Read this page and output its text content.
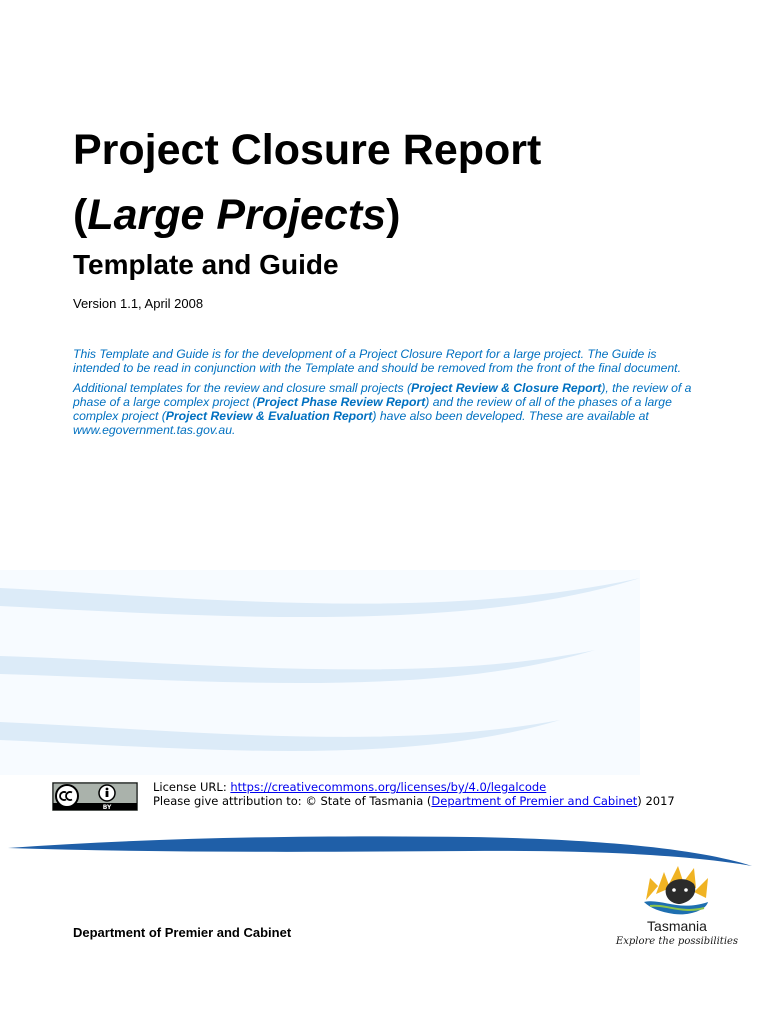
Project Closure Report
(Large Projects)
Template and Guide

Version 1.1, April 2008

This Template and Guide is for the development of a Project Closure Report for a large project. The Guide is intended to be read in conjunction with the Template and should be removed from the front of the final document.

Additional templates for the review and closure small projects (Project Review & Closure Report), the review of a phase of a large complex project (Project Phase Review Report) and the review of all of the phases of a large complex project (Project Review & Evaluation Report) have also been developed. These are available at www.egovernment.tas.gov.au.

BY
License URL: https://creativecommons.org/licenses/by/4.0/legalcode
Please give attribution to: © State of Tasmania (Department of Premier and Cabinet) 2017

Department of Premier and Cabinet	Tasmania
Explore the possibilities
